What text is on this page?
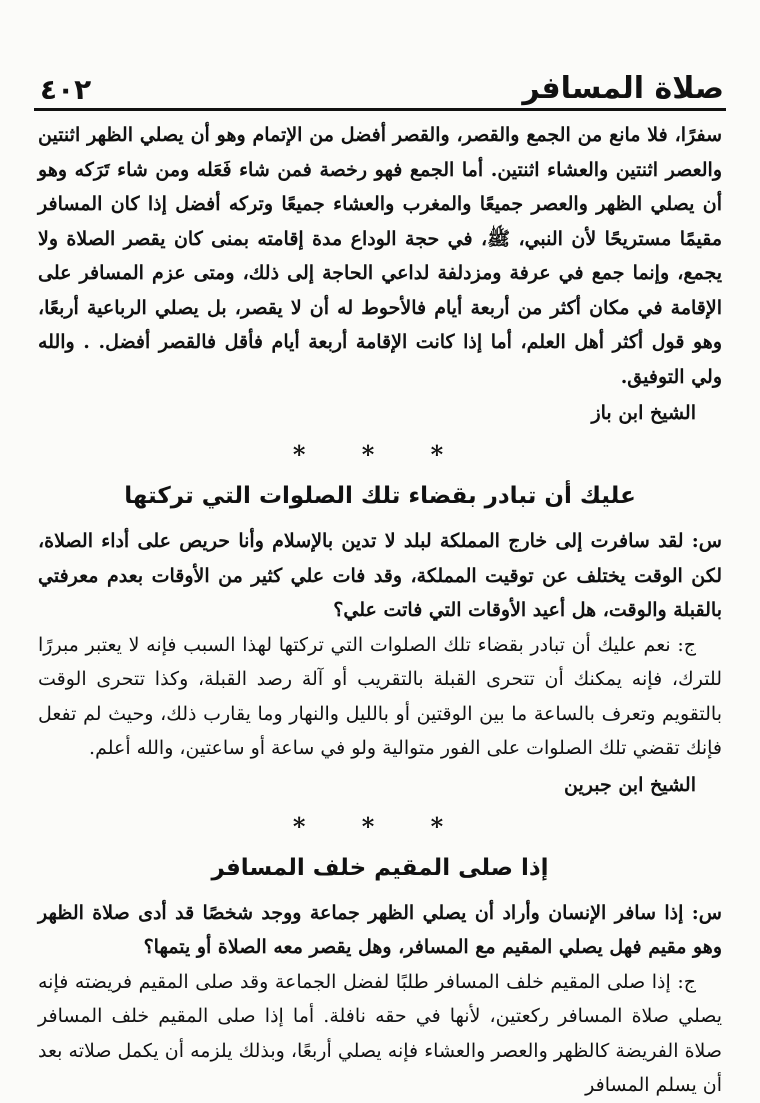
صلاة المسافر
٤٠٢

سفرًا، فلا مانع من الجمع والقصر، والقصر أفضل من الإتمام وهو أن يصلي الظهر اثنتين والعصر اثنتين والعشاء اثنتين. أما الجمع فهو رخصة فمن شاء فَعَله ومن شاء تَرَكه وهو أن يصلي الظهر والعصر جميعًا والمغرب والعشاء جميعًا وتركه أفضل إذا كان المسافر مقيمًا مستريحًا لأن النبي، ﷺ، في حجة الوداع مدة إقامته بمنى كان يقصر الصلاة ولا يجمع، وإنما جمع في عرفة ومزدلفة لداعي الحاجة إلى ذلك، ومتى عزم المسافر على الإقامة في مكان أكثر من أربعة أيام فالأحوط له أن لا يقصر، بل يصلي الرباعية أربعًا، وهو قول أكثر أهل العلم، أما إذا كانت الإقامة أربعة أيام فأقل فالقصر أفضل. . والله ولي التوفيق.

الشيخ ابن باز

* * *
عليك أن تبادر بقضاء تلك الصلوات التي تركتها

س: لقد سافرت إلى خارج المملكة لبلد لا تدين بالإسلام وأنا حريص على أداء الصلاة، لكن الوقت يختلف عن توقيت المملكة، وقد فات علي كثير من الأوقات بعدم معرفتي بالقبلة والوقت، هل أعيد الأوقات التي فاتت علي؟

ج: نعم عليك أن تبادر بقضاء تلك الصلوات التي تركتها لهذا السبب فإنه لا يعتبر مبررًا للترك، فإنه يمكنك أن تتحرى القبلة بالتقريب أو آلة رصد القبلة، وكذا تتحرى الوقت بالتقويم وتعرف بالساعة ما بين الوقتين أو بالليل والنهار وما يقارب ذلك، وحيث لم تفعل فإنك تقضي تلك الصلوات على الفور متوالية ولو في ساعة أو ساعتين، والله أعلم.

الشيخ ابن جبرين

* * *
إذا صلى المقيم خلف المسافر

س: إذا سافر الإنسان وأراد أن يصلي الظهر جماعة ووجد شخصًا قد أدى صلاة الظهر وهو مقيم فهل يصلي المقيم مع المسافر، وهل يقصر معه الصلاة أو يتمها؟

ج: إذا صلى المقيم خلف المسافر طلبًا لفضل الجماعة وقد صلى المقيم فريضته فإنه يصلي صلاة المسافر ركعتين، لأنها في حقه نافلة. أما إذا صلى المقيم خلف المسافر صلاة الفريضة كالظهر والعصر والعشاء فإنه يصلي أربعًا، وبذلك يلزمه أن يكمل صلاته بعد أن يسلم المسافر
